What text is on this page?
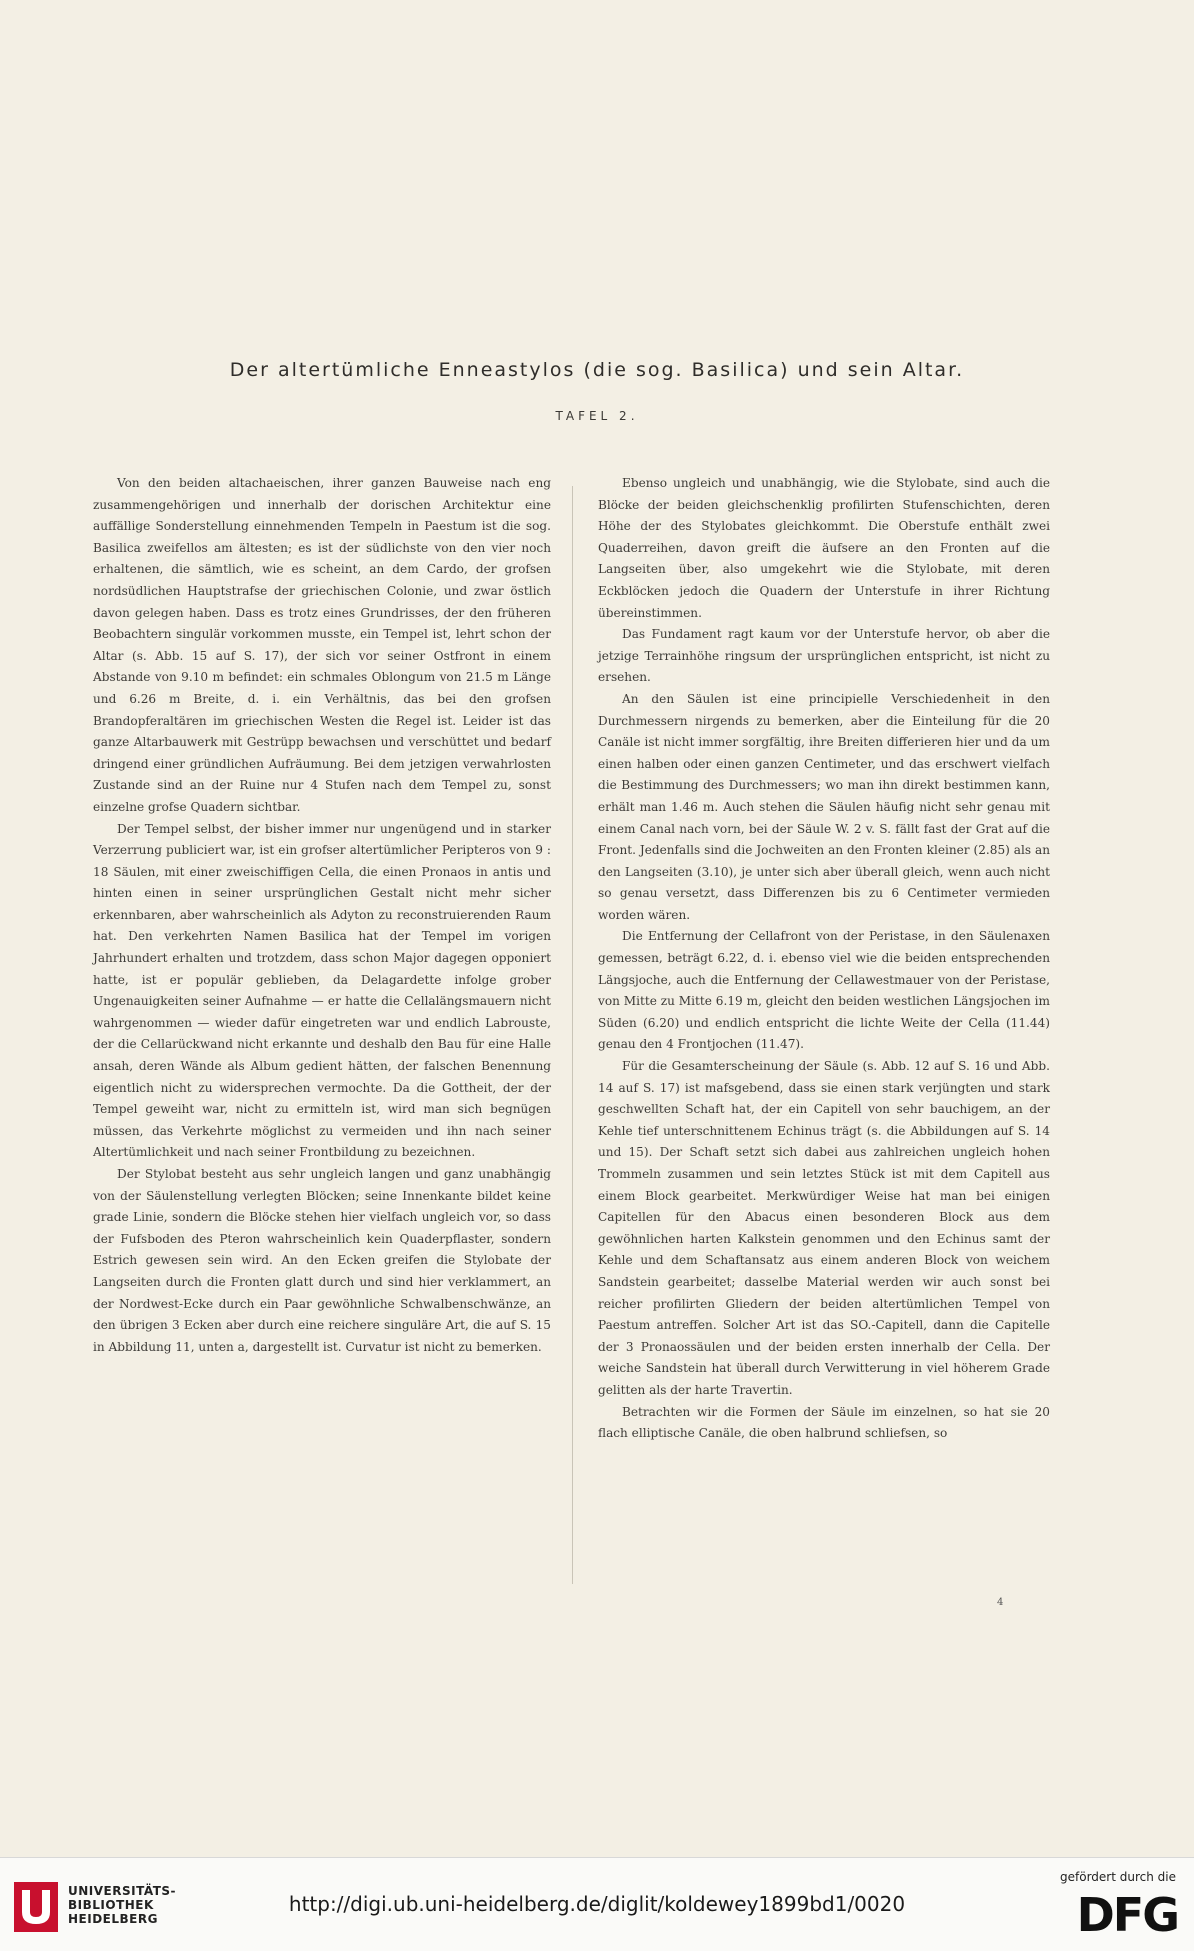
Der altertümliche Enneastylos (die sog. Basilica) und sein Altar.
TAFEL 2.

Von den beiden altachaeischen, ihrer ganzen Bauweise nach eng zusammengehörigen und innerhalb der dorischen Architektur eine auffällige Sonderstellung einnehmenden Tempeln in Paestum ist die sog. Basilica zweifellos am ältesten; es ist der südlichste von den vier noch erhaltenen, die sämtlich, wie es scheint, an dem Cardo, der grofsen nordsüdlichen Hauptstrafse der griechischen Colonie, und zwar östlich davon gelegen haben. Dass es trotz eines Grundrisses, der den früheren Beobachtern singulär vorkommen musste, ein Tempel ist, lehrt schon der Altar (s. Abb. 15 auf S. 17), der sich vor seiner Ostfront in einem Abstande von 9.10 m befindet: ein schmales Oblongum von 21.5 m Länge und 6.26 m Breite, d. i. ein Verhältnis, das bei den grofsen Brandopferaltären im griechischen Westen die Regel ist. Leider ist das ganze Altarbauwerk mit Gestrüpp bewachsen und verschüttet und bedarf dringend einer gründlichen Aufräumung. Bei dem jetzigen verwahrlosten Zustande sind an der Ruine nur 4 Stufen nach dem Tempel zu, sonst einzelne grofse Quadern sichtbar.

Der Tempel selbst, der bisher immer nur ungenügend und in starker Verzerrung publiciert war, ist ein grofser altertümlicher Peripteros von 9 : 18 Säulen, mit einer zweischiffigen Cella, die einen Pronaos in antis und hinten einen in seiner ursprünglichen Gestalt nicht mehr sicher erkennbaren, aber wahrscheinlich als Adyton zu reconstruierenden Raum hat. Den verkehrten Namen Basilica hat der Tempel im vorigen Jahrhundert erhalten und trotzdem, dass schon Major dagegen opponiert hatte, ist er populär geblieben, da Delagardette infolge grober Ungenauigkeiten seiner Aufnahme — er hatte die Cellalängsmauern nicht wahrgenommen — wieder dafür eingetreten war und endlich Labrouste, der die Cellarückwand nicht erkannte und deshalb den Bau für eine Halle ansah, deren Wände als Album gedient hätten, der falschen Benennung eigentlich nicht zu widersprechen vermochte. Da die Gottheit, der der Tempel geweiht war, nicht zu ermitteln ist, wird man sich begnügen müssen, das Verkehrte möglichst zu vermeiden und ihn nach seiner Altertümlichkeit und nach seiner Frontbildung zu bezeichnen.

Der Stylobat besteht aus sehr ungleich langen und ganz unabhängig von der Säulenstellung verlegten Blöcken; seine Innenkante bildet keine grade Linie, sondern die Blöcke stehen hier vielfach ungleich vor, so dass der Fufsboden des Pteron wahrscheinlich kein Quaderpflaster, sondern Estrich gewesen sein wird. An den Ecken greifen die Stylobate der Langseiten durch die Fronten glatt durch und sind hier verklammert, an der Nordwest-Ecke durch ein Paar gewöhnliche Schwalbenschwänze, an den übrigen 3 Ecken aber durch eine reichere singuläre Art, die auf S. 15 in Abbildung 11, unten a, dargestellt ist. Curvatur ist nicht zu bemerken.

Ebenso ungleich und unabhängig, wie die Stylobate, sind auch die Blöcke der beiden gleichschenklig profilirten Stufenschichten, deren Höhe der des Stylobates gleichkommt. Die Oberstufe enthält zwei Quaderreihen, davon greift die äufsere an den Fronten auf die Langseiten über, also umgekehrt wie die Stylobate, mit deren Eckblöcken jedoch die Quadern der Unterstufe in ihrer Richtung übereinstimmen.

Das Fundament ragt kaum vor der Unterstufe hervor, ob aber die jetzige Terrainhöhe ringsum der ursprünglichen entspricht, ist nicht zu ersehen.

An den Säulen ist eine principielle Verschiedenheit in den Durchmessern nirgends zu bemerken, aber die Einteilung für die 20 Canäle ist nicht immer sorgfältig, ihre Breiten differieren hier und da um einen halben oder einen ganzen Centimeter, und das erschwert vielfach die Bestimmung des Durchmessers; wo man ihn direkt bestimmen kann, erhält man 1.46 m. Auch stehen die Säulen häufig nicht sehr genau mit einem Canal nach vorn, bei der Säule W. 2 v. S. fällt fast der Grat auf die Front. Jedenfalls sind die Jochweiten an den Fronten kleiner (2.85) als an den Langseiten (3.10), je unter sich aber überall gleich, wenn auch nicht so genau versetzt, dass Differenzen bis zu 6 Centimeter vermieden worden wären.

Die Entfernung der Cellafront von der Peristase, in den Säulenaxen gemessen, beträgt 6.22, d. i. ebenso viel wie die beiden entsprechenden Längsjoche, auch die Entfernung der Cellawestmauer von der Peristase, von Mitte zu Mitte 6.19 m, gleicht den beiden westlichen Längsjochen im Süden (6.20) und endlich entspricht die lichte Weite der Cella (11.44) genau den 4 Frontjochen (11.47).

Für die Gesamterscheinung der Säule (s. Abb. 12 auf S. 16 und Abb. 14 auf S. 17) ist mafsgebend, dass sie einen stark verjüngten und stark geschwellten Schaft hat, der ein Capitell von sehr bauchigem, an der Kehle tief unterschnittenem Echinus trägt (s. die Abbildungen auf S. 14 und 15). Der Schaft setzt sich dabei aus zahlreichen ungleich hohen Trommeln zusammen und sein letztes Stück ist mit dem Capitell aus einem Block gearbeitet. Merkwürdiger Weise hat man bei einigen Capitellen für den Abacus einen besonderen Block aus dem gewöhnlichen harten Kalkstein genommen und den Echinus samt der Kehle und dem Schaftansatz aus einem anderen Block von weichem Sandstein gearbeitet; dasselbe Material werden wir auch sonst bei reicher profilirten Gliedern der beiden altertümlichen Tempel von Paestum antreffen. Solcher Art ist das SO.-Capitell, dann die Capitelle der 3 Pronaossäulen und der beiden ersten innerhalb der Cella. Der weiche Sandstein hat überall durch Verwitterung in viel höherem Grade gelitten als der harte Travertin.

Betrachten wir die Formen der Säule im einzelnen, so hat sie 20 flach elliptische Canäle, die oben halbrund schliefsen, so

4
UNIVERSITÄTS-
BIBLIOTHEK
HEIDELBERG
http://digi.ub.uni-heidelberg.de/diglit/koldewey1899bd1/0020
gefördert durch die
DFG
